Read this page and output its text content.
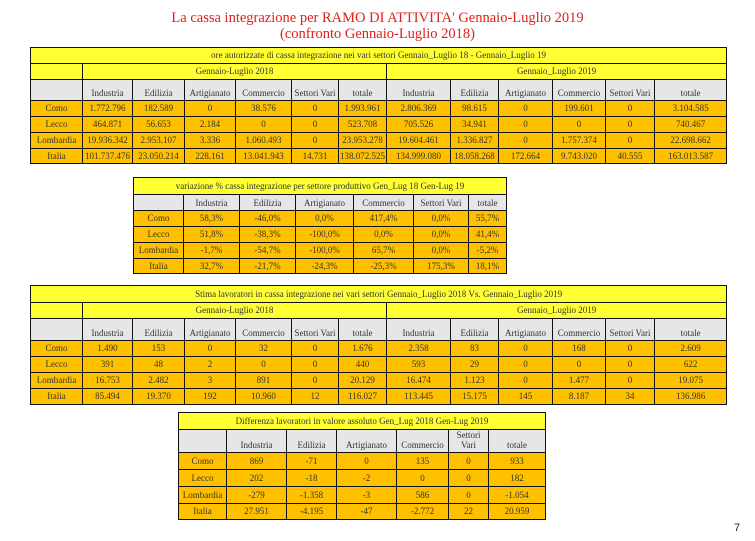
La cassa integrazione per RAMO DI ATTIVITA' Gennaio-Luglio 2019
(confronto Gennaio-Luglio 2018)
ore autorizzate di cassa integrazione nei vari settori Gennaio_Luglio 18 - Gennaio_Luglio 19												
	Gennaio-Luglio 2018						Gennaio_Luglio 2019					
	Industria	Edilizia	Artigianato	Commercio	Settori Vari	totale	Industria	Edilizia	Artigianato	Commercio	Settori Vari	totale
Como	1.772.796	182.589	0	38.576	0	1.993.961	2.806.369	98.615	0	199.601	0	3.104.585
Lecco	464.871	56.653	2.184	0	0	523.708	705.526	34.941	0	0	0	740.467
Lombardia	19.936.342	2.953.107	3.336	1.060.493	0	23.953.278	19.604.461	1.336.827	0	1.757.374	0	22.698.662
Italia	101.737.476	23.050.214	228.161	13.041.943	14.731	138.072.525	134.999.080	18.058.268	172.664	9.743.020	40.555	163.013.587
variazione % cassa integrazione per settore produttivo Gen_Lug 18 Gen-Lug 19						
	Industria	Edilizia	Artigianato	Commercio	Settori Vari	totale
Como	58,3%	-46,0%	0,0%	417,4%	0,0%	55,7%
Lecco	51,8%	-38,3%	-100,0%	0,0%	0,0%	41,4%
Lombardia	-1,7%	-54,7%	-100,0%	65,7%	0,0%	-5,2%
Italia	32,7%	-21,7%	-24,3%	-25,3%	175,3%	18,1%
Stima lavoratori in cassa integrazione nei vari settori Gennaio_Luglio 2018 Vs. Gennaio_Luglio 2019												
	Gennaio-Luglio 2018						Gennaio_Luglio 2019					
	Industria	Edilizia	Artigianato	Commercio	Settori Vari	totale	Industria	Edilizia	Artigianato	Commercio	Settori Vari	totale
Como	1.490	153	0	32	0	1.676	2.358	83	0	168	0	2.609
Lecco	391	48	2	0	0	440	593	29	0	0	0	622
Lombardia	16.753	2.482	3	891	0	20.129	16.474	1.123	0	1.477	0	19.075
Italia	85.494	19.370	192	10.960	12	116.027	113.445	15.175	145	8.187	34	136.986
Differenza lavoratori in valore assoluto Gen_Lug 2018 Gen-Lug 2019						
	Industria	Edilizia	Artigianato	Commercio	Settori Vari	totale
Como	869	-71	0	135	0	933
Lecco	202	-18	-2	0	0	182
Lombardia	-279	-1.358	-3	586	0	-1.054
Italia	27.951	-4.195	-47	-2.772	22	20.959
7
